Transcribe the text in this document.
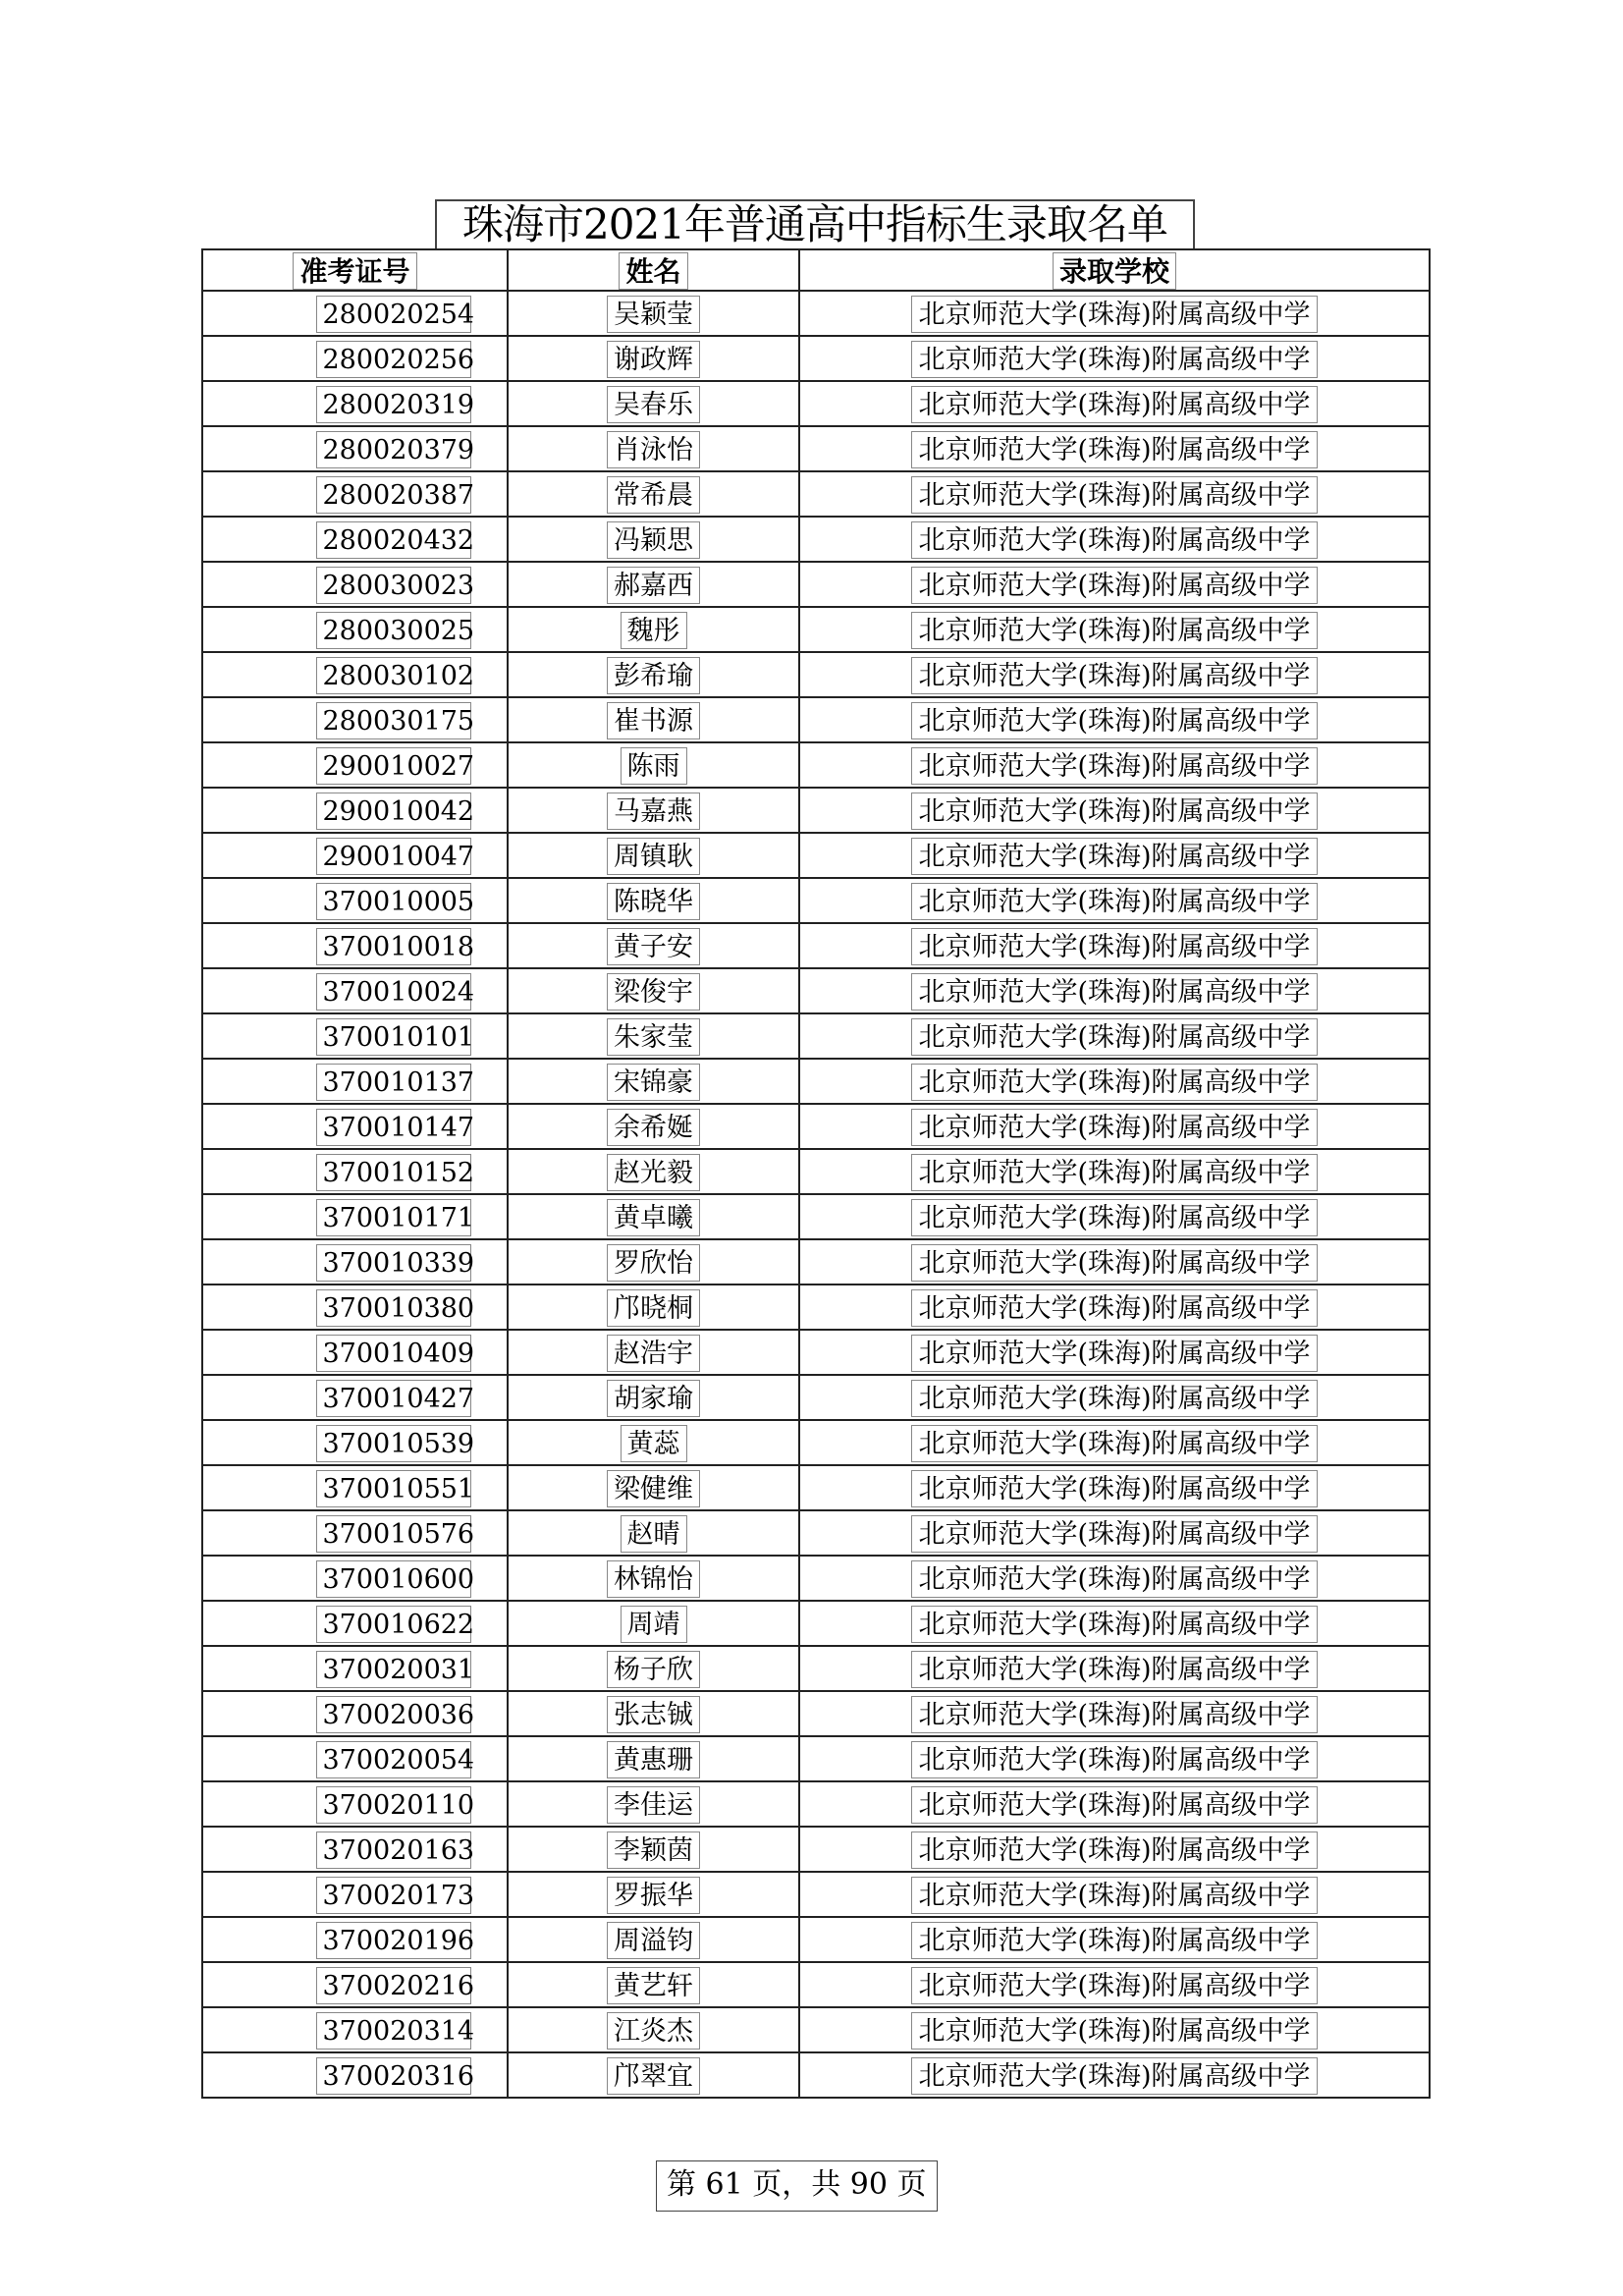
珠海市2021年普通高中指标生录取名单
准考证号	姓名	录取学校
280020254	吴颖莹	北京师范大学(珠海)附属高级中学
280020256	谢政辉	北京师范大学(珠海)附属高级中学
280020319	吴春乐	北京师范大学(珠海)附属高级中学
280020379	肖泳怡	北京师范大学(珠海)附属高级中学
280020387	常希晨	北京师范大学(珠海)附属高级中学
280020432	冯颖思	北京师范大学(珠海)附属高级中学
280030023	郝嘉西	北京师范大学(珠海)附属高级中学
280030025	魏彤	北京师范大学(珠海)附属高级中学
280030102	彭希瑜	北京师范大学(珠海)附属高级中学
280030175	崔书源	北京师范大学(珠海)附属高级中学
290010027	陈雨	北京师范大学(珠海)附属高级中学
290010042	马嘉燕	北京师范大学(珠海)附属高级中学
290010047	周镇耿	北京师范大学(珠海)附属高级中学
370010005	陈晓华	北京师范大学(珠海)附属高级中学
370010018	黄子安	北京师范大学(珠海)附属高级中学
370010024	梁俊宇	北京师范大学(珠海)附属高级中学
370010101	朱家莹	北京师范大学(珠海)附属高级中学
370010137	宋锦豪	北京师范大学(珠海)附属高级中学
370010147	余希娫	北京师范大学(珠海)附属高级中学
370010152	赵光毅	北京师范大学(珠海)附属高级中学
370010171	黄卓曦	北京师范大学(珠海)附属高级中学
370010339	罗欣怡	北京师范大学(珠海)附属高级中学
370010380	邝晓桐	北京师范大学(珠海)附属高级中学
370010409	赵浩宇	北京师范大学(珠海)附属高级中学
370010427	胡家瑜	北京师范大学(珠海)附属高级中学
370010539	黄蕊	北京师范大学(珠海)附属高级中学
370010551	梁健维	北京师范大学(珠海)附属高级中学
370010576	赵晴	北京师范大学(珠海)附属高级中学
370010600	林锦怡	北京师范大学(珠海)附属高级中学
370010622	周靖	北京师范大学(珠海)附属高级中学
370020031	杨子欣	北京师范大学(珠海)附属高级中学
370020036	张志铖	北京师范大学(珠海)附属高级中学
370020054	黄惠珊	北京师范大学(珠海)附属高级中学
370020110	李佳运	北京师范大学(珠海)附属高级中学
370020163	李颖茵	北京师范大学(珠海)附属高级中学
370020173	罗振华	北京师范大学(珠海)附属高级中学
370020196	周溢钧	北京师范大学(珠海)附属高级中学
370020216	黄艺轩	北京师范大学(珠海)附属高级中学
370020314	江炎杰	北京师范大学(珠海)附属高级中学
370020316	邝翠宜	北京师范大学(珠海)附属高级中学
第 61 页，共 90 页
